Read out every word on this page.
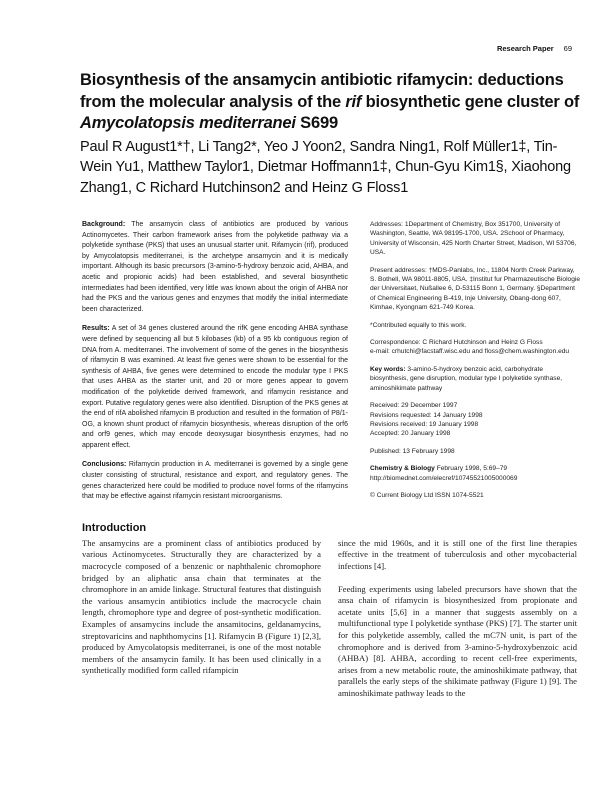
Research Paper 69
Biosynthesis of the ansamycin antibiotic rifamycin: deductions from the molecular analysis of the rif biosynthetic gene cluster of Amycolatopsis mediterranei S699
Paul R August1*†, Li Tang2*, Yeo J Yoon2, Sandra Ning1, Rolf Müller1‡, Tin-Wein Yu1, Matthew Taylor1, Dietmar Hoffmann1‡, Chun-Gyu Kim1§, Xiaohong Zhang1, C Richard Hutchinson2 and Heinz G Floss1

Background: The ansamycin class of antibiotics are produced by various Actinomycetes. Their carbon framework arises from the polyketide pathway via a polyketide synthase (PKS) that uses an unusual starter unit. Rifamycin (rif), produced by Amycolatopsis mediterranei, is the archetype ansamycin and it is medically important. Although its basic precursors (3-amino-5-hydroxy benzoic acid, AHBA, and acetic and propionic acids) had been established, and several biosynthetic intermediates had been identified, very little was known about the origin of AHBA nor had the PKS and the various genes and enzymes that modify the initial intermediate been characterized.

Results: A set of 34 genes clustered around the rifK gene encoding AHBA synthase were defined by sequencing all but 5 kilobases (kb) of a 95 kb contiguous region of DNA from A. mediterranei. The involvement of some of the genes in the biosynthesis of rifamycin B was examined. At least five genes were shown to be essential for the synthesis of AHBA, five genes were determined to encode the modular type I PKS that uses AHBA as the starter unit, and 20 or more genes appear to govern modification of the polyketide derived framework, and rifamycin resistance and export. Putative regulatory genes were also identified. Disruption of the PKS genes at the end of rifA abolished rifamycin B production and resulted in the formation of P8/1-OG, a known shunt product of rifamycin biosynthesis, whereas disruption of the orf6 and orf9 genes, which may encode deoxysugar biosynthesis enzymes, had no apparent effect.

Conclusions: Rifamycin production in A. mediterranei is governed by a single gene cluster consisting of structural, resistance and export, and regulatory genes. The genes characterized here could be modified to produce novel forms of the rifamycins that may be effective against rifamycin resistant microorganisms.

Addresses: 1Department of Chemistry, Box 351700, University of Washington, Seattle, WA 98195-1700, USA. 2School of Pharmacy, University of Wisconsin, 425 North Charter Street, Madison, WI 53706, USA.

Present addresses: †MDS-Panlabs, Inc., 11804 North Creek Parkway, S. Bothell, WA 98011-8805, USA. ‡Institut fur Pharmazeutische Biologie der Universitaet, Nußallee 6, D-53115 Bonn 1, Germany. §Department of Chemical Engineering B-419, Inje University, Obang-dong 607, Kimhae, Kyongnam 621-749 Korea.

*Contributed equally to this work.

Correspondence: C Richard Hutchinson and Heinz G Floss
e-mail: crhutchi@facstaff.wisc.edu and floss@chem.washington.edu

Key words: 3-amino-5-hydroxy benzoic acid, carbohydrate biosynthesis, gene disruption, modular type I polyketide synthase, aminoshikimate pathway

Received: 29 December 1997
Revisions requested: 14 January 1998
Revisions received: 19 January 1998
Accepted: 20 January 1998

Published: 13 February 1998

Chemistry & Biology February 1998, 5:69–79
http://biomednet.com/elecref/10745521005000069

© Current Biology Ltd ISSN 1074-5521

Introduction

The ansamycins are a prominent class of antibiotics produced by various Actinomycetes. Structurally they are characterized by a macrocycle composed of a benzenic or naphthalenic chromophore bridged by an aliphatic ansa chain that terminates at the chromophore in an amide linkage. Structural features that distinguish the various ansamycin antibiotics include the macrocycle chain length, chromophore type and degree of post-synthetic modification. Examples of ansamycins include the ansamitocins, geldanamycins, streptovaricins and naphthomycins [1]. Rifamycin B (Figure 1) [2,3], produced by Amycolatopsis mediterranei, is one of the most notable members of the ansamycin family. It has been used clinically in a synthetically modified form called rifampicin

since the mid 1960s, and it is still one of the first line therapies effective in the treatment of tuberculosis and other mycobacterial infections [4].

Feeding experiments using labeled precursors have shown that the ansa chain of rifamycin is biosynthesized from propionate and acetate units [5,6] in a manner that suggests assembly on a multifunctional type I polyketide synthase (PKS) [7]. The starter unit for this polyketide assembly, called the mC7N unit, is part of the chromophore and is derived from 3-amino-5-hydroxybenzoic acid (AHBA) [8]. AHBA, according to recent cell-free experiments, arises from a new metabolic route, the aminoshikimate pathway, that parallels the early steps of the shikimate pathway (Figure 1) [9]. The aminoshikimate pathway leads to the
